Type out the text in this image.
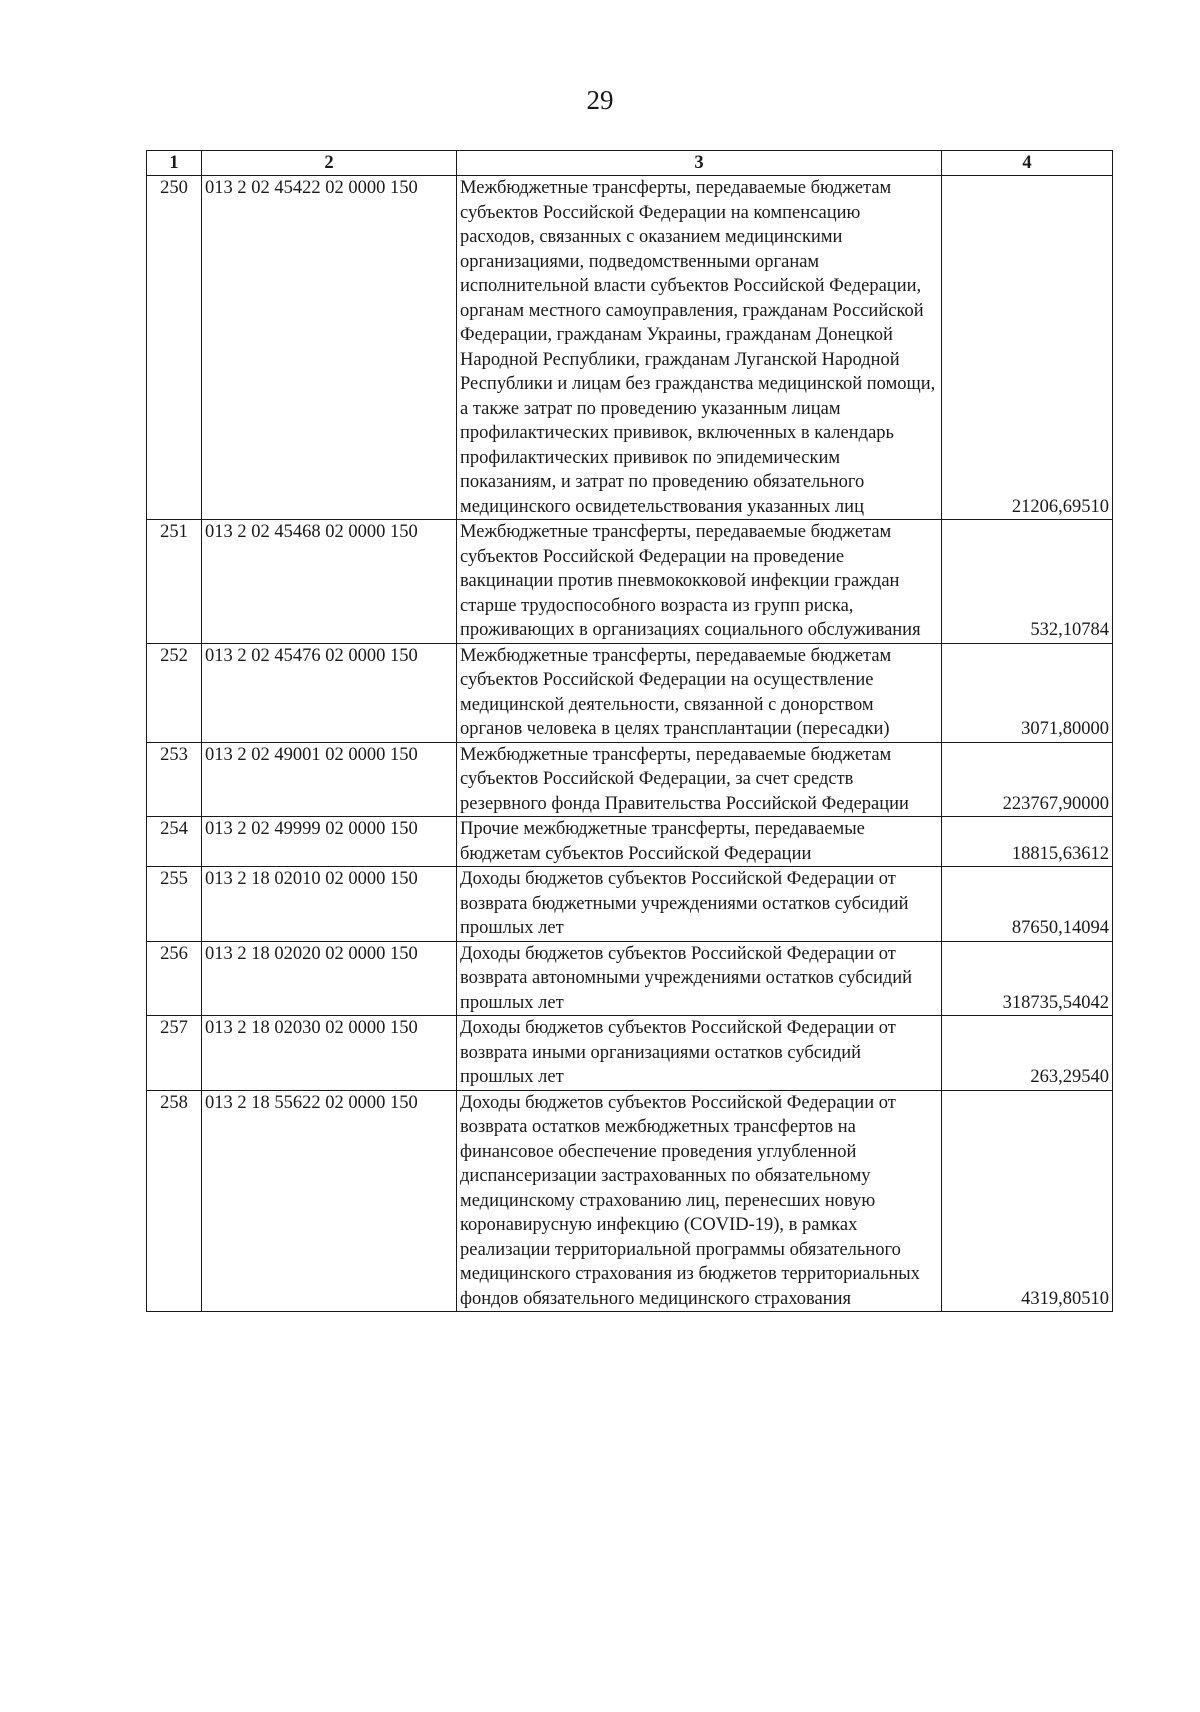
29
1	2	3	4
250	013 2 02 45422 02 0000 150	Межбюджетные трансферты, передаваемые бюджетам субъектов Российской Федерации на компенсацию расходов, связанных с оказанием медицинскими организациями, подведомственными органам исполнительной власти субъектов Российской Федерации, органам местного самоуправления, гражданам Российской Федерации, гражданам Украины, гражданам Донецкой Народной Республики, гражданам Луганской Народной Республики и лицам без гражданства медицинской помощи, а также затрат по проведению указанным лицам профилактических прививок, включенных в календарь профилактических прививок по эпидемическим показаниям, и затрат по проведению обязательного медицинского освидетельствования указанных лиц	21206,69510
251	013 2 02 45468 02 0000 150	Межбюджетные трансферты, передаваемые бюджетам субъектов Российской Федерации на проведение вакцинации против пневмококковой инфекции граждан старше трудоспособного возраста из групп риска, проживающих в организациях социального обслуживания	532,10784
252	013 2 02 45476 02 0000 150	Межбюджетные трансферты, передаваемые бюджетам субъектов Российской Федерации на осуществление медицинской деятельности, связанной с донорством органов человека в целях трансплантации (пересадки)	3071,80000
253	013 2 02 49001 02 0000 150	Межбюджетные трансферты, передаваемые бюджетам субъектов Российской Федерации, за счет средств резервного фонда Правительства Российской Федерации	223767,90000
254	013 2 02 49999 02 0000 150	Прочие межбюджетные трансферты, передаваемые бюджетам субъектов Российской Федерации	18815,63612
255	013 2 18 02010 02 0000 150	Доходы бюджетов субъектов Российской Федерации от возврата бюджетными учреждениями остатков субсидий прошлых лет	87650,14094
256	013 2 18 02020 02 0000 150	Доходы бюджетов субъектов Российской Федерации от возврата автономными учреждениями остатков субсидий прошлых лет	318735,54042
257	013 2 18 02030 02 0000 150	Доходы бюджетов субъектов Российской Федерации от возврата иными организациями остатков субсидий прошлых лет	263,29540
258	013 2 18 55622 02 0000 150	Доходы бюджетов субъектов Российской Федерации от возврата остатков межбюджетных трансфертов на финансовое обеспечение проведения углубленной диспансеризации застрахованных по обязательному медицинскому страхованию лиц, перенесших новую коронавирусную инфекцию (COVID-19), в рамках реализации территориальной программы обязательного медицинского страхования из бюджетов территориальных фондов обязательного медицинского страхования	4319,80510
